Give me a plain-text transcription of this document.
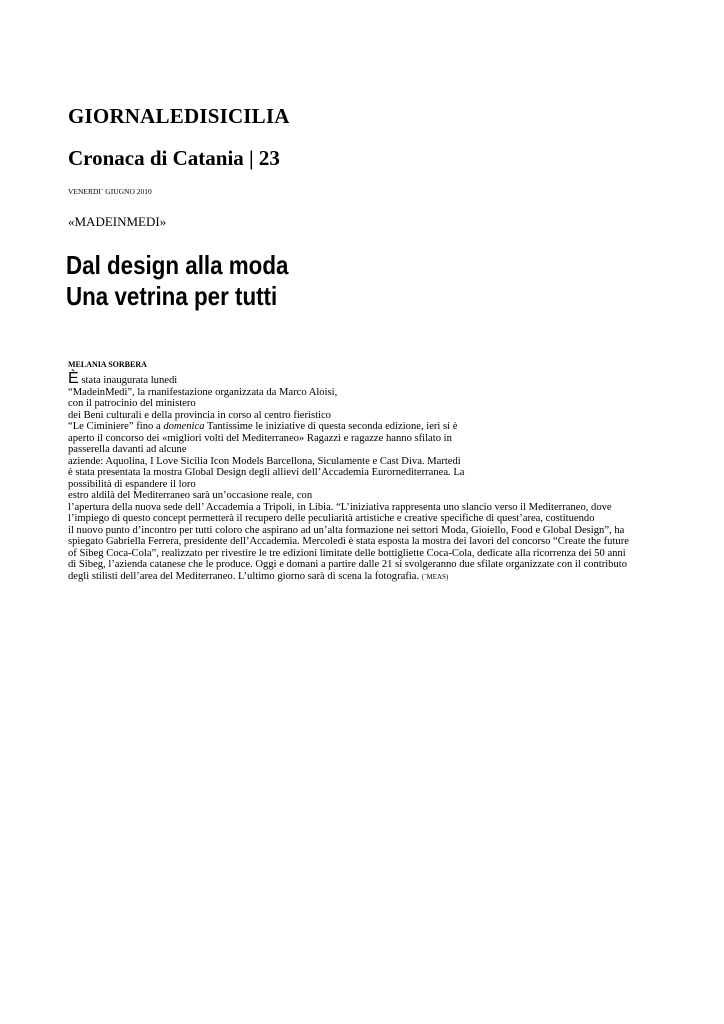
GIORNALEDISICILIA
Cronaca di Catania | 23
VENERDI` GIUGNO 2010
«MADEINMEDI»
Dal design alla moda
Una vetrina per tutti
MELANIA SORBERA
È stata inaugurata lunedì
“MadeinMedi”, la rnanifestazione organizzata da Marco Aloisi,
con il patrocinio del ministero
dei Beni culturali e della provincia in corso al centro fieristico
“Le Ciminiere” fino a domenica Tantissime le iniziative di questa seconda edizione, ieri si è
aperto il concorso dei «migliori volti del Mediterraneo» Ragazzi e ragazze hanno sfilato in
passerella davanti ad alcune
aziende: Aquolina, I Love Sicilia Icon Models Barcellona, Siculamente e Cast Diva. Martedì
è stata presentata la mostra Global Design degli allievi dell’Accademia Eurornediterranea. La
possibilità di espandere il loro
estro aldilà del Mediterraneo sarà un’occasione reale, con
l’apertura della nuova sede dell’ Accademia a Tripoli, in Libia. “L’iniziativa rappresenta uno slancio verso il Mediterraneo, dove
l’impiego di questo concept permetterà il recupero delle peculiarità artistiche e creative specifiche di quest’area, costituendo
il nuovo punto d’incontro per tutti coloro che aspirano ad un’alta formazione nei settori Moda, Gioiello, Food e Global Design”, ha
spiegato Gabriella Ferrera, presidente dell’Accademia. Mercoledì è stata esposta la mostra dei lavori del concorso “Create the future
of Sibeg Coca-Cola”, realizzato per rivestire le tre edizioni limitate delle bottigliette Coca-Cola, dedicate alla ricorrenza dei 50 anni
di Sibeg, l’azienda catanese che le produce. Oggi e domani a partire dalle 21 si svolgeranno due sfilate organizzate con il contributo
degli stilisti dell’area del Mediterraneo. L’ultimo giorno sarà di scena la fotografia. (`MEAS)
